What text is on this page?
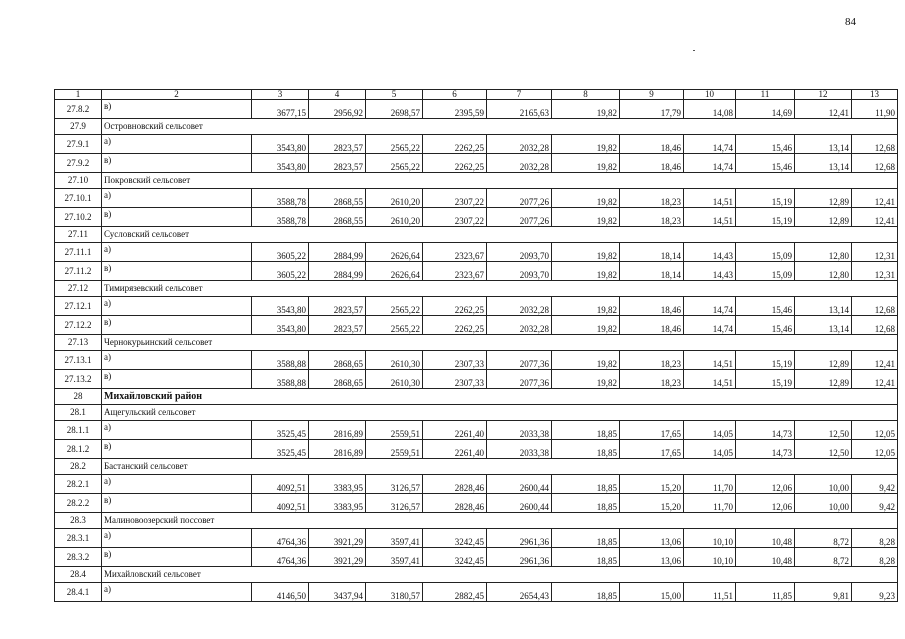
84
1	2	3	4	5	6	7	8	9	10	11	12	13
27.8.2	в)	3677,15	2956,92	2698,57	2395,59	2165,63	19,82	17,79	14,08	14,69	12,41	11,90
27.9	Островновский сельсовет											
27.9.1	а)	3543,80	2823,57	2565,22	2262,25	2032,28	19,82	18,46	14,74	15,46	13,14	12,68
27.9.2	в)	3543,80	2823,57	2565,22	2262,25	2032,28	19,82	18,46	14,74	15,46	13,14	12,68
27.10	Покровский сельсовет											
27.10.1	а)	3588,78	2868,55	2610,20	2307,22	2077,26	19,82	18,23	14,51	15,19	12,89	12,41
27.10.2	в)	3588,78	2868,55	2610,20	2307,22	2077,26	19,82	18,23	14,51	15,19	12,89	12,41
27.11	Сусловский сельсовет											
27.11.1	а)	3605,22	2884,99	2626,64	2323,67	2093,70	19,82	18,14	14,43	15,09	12,80	12,31
27.11.2	в)	3605,22	2884,99	2626,64	2323,67	2093,70	19,82	18,14	14,43	15,09	12,80	12,31
27.12	Тимирязевский сельсовет											
27.12.1	а)	3543,80	2823,57	2565,22	2262,25	2032,28	19,82	18,46	14,74	15,46	13,14	12,68
27.12.2	в)	3543,80	2823,57	2565,22	2262,25	2032,28	19,82	18,46	14,74	15,46	13,14	12,68
27.13	Чернокурьинский сельсовет											
27.13.1	а)	3588,88	2868,65	2610,30	2307,33	2077,36	19,82	18,23	14,51	15,19	12,89	12,41
27.13.2	в)	3588,88	2868,65	2610,30	2307,33	2077,36	19,82	18,23	14,51	15,19	12,89	12,41
28	Михайловский район											
28.1	Ащегульский сельсовет											
28.1.1	а)	3525,45	2816,89	2559,51	2261,40	2033,38	18,85	17,65	14,05	14,73	12,50	12,05
28.1.2	в)	3525,45	2816,89	2559,51	2261,40	2033,38	18,85	17,65	14,05	14,73	12,50	12,05
28.2	Бастанский сельсовет											
28.2.1	а)	4092,51	3383,95	3126,57	2828,46	2600,44	18,85	15,20	11,70	12,06	10,00	9,42
28.2.2	в)	4092,51	3383,95	3126,57	2828,46	2600,44	18,85	15,20	11,70	12,06	10,00	9,42
28.3	Малиновоозерский поссовет											
28.3.1	а)	4764,36	3921,29	3597,41	3242,45	2961,36	18,85	13,06	10,10	10,48	8,72	8,28
28.3.2	в)	4764,36	3921,29	3597,41	3242,45	2961,36	18,85	13,06	10,10	10,48	8,72	8,28
28.4	Михайловский сельсовет											
28.4.1	а)	4146,50	3437,94	3180,57	2882,45	2654,43	18,85	15,00	11,51	11,85	9,81	9,23
